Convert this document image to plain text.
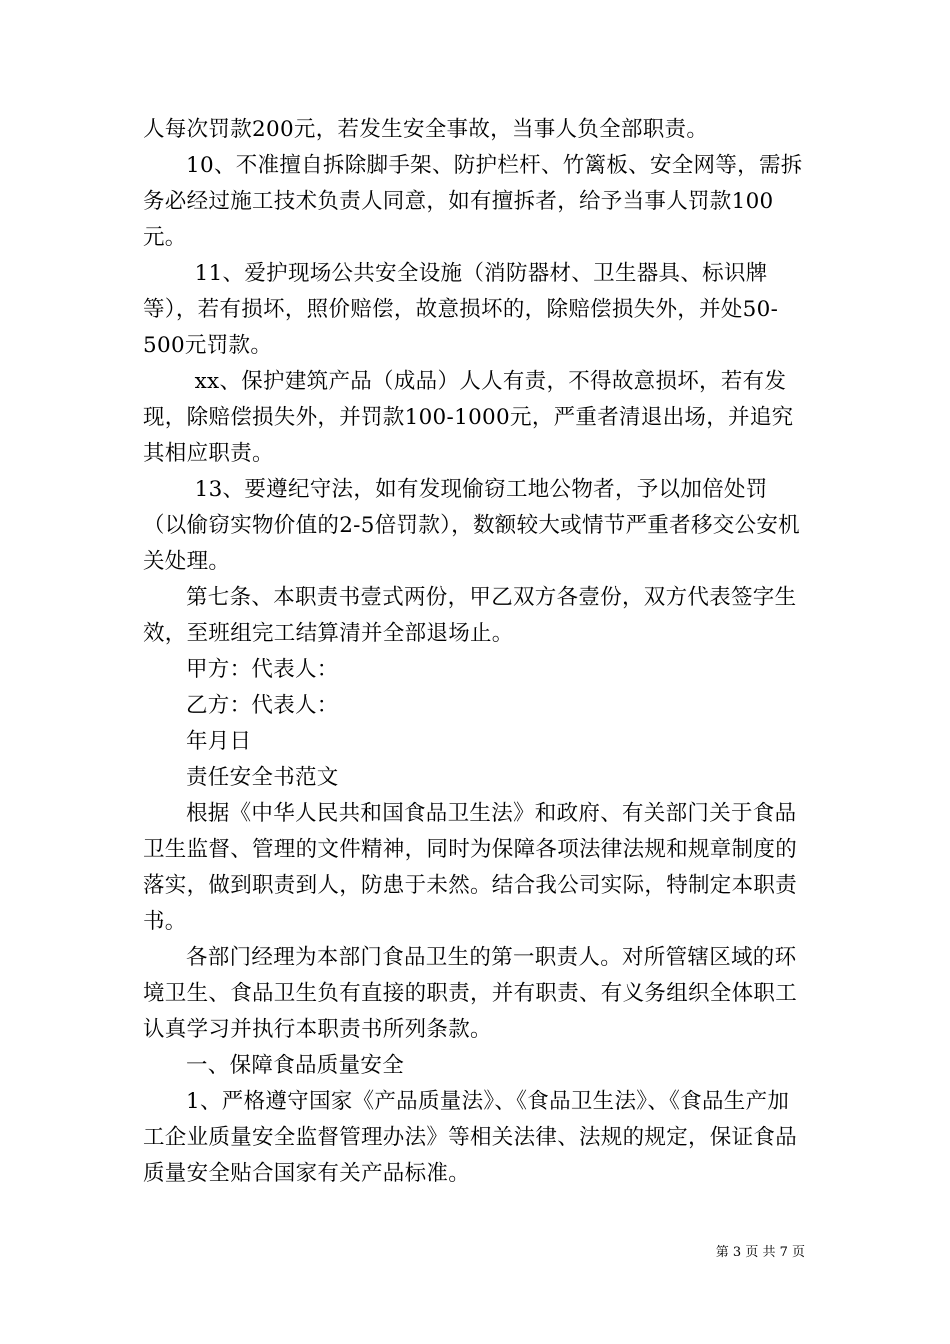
人每次罚款200元，若发生安全事故，当事人负全部职责。

10、不准擅自拆除脚手架、防护栏杆、竹篱板、安全网等，需拆务必经过施工技术负责人同意，如有擅拆者，给予当事人罚款100元。

11、爱护现场公共安全设施（消防器材、卫生器具、标识牌等），若有损坏，照价赔偿，故意损坏的，除赔偿损失外，并处50-500元罚款。

xx、保护建筑产品（成品）人人有责，不得故意损坏，若有发现，除赔偿损失外，并罚款100-1000元，严重者清退出场，并追究其相应职责。

13、要遵纪守法，如有发现偷窃工地公物者，予以加倍处罚（以偷窃实物价值的2-5倍罚款），数额较大或情节严重者移交公安机关处理。

第七条、本职责书壹式两份，甲乙双方各壹份，双方代表签字生效，至班组完工结算清并全部退场止。

甲方：代表人：

乙方：代表人：

年月日

责任安全书范文

根据《中华人民共和国食品卫生法》和政府、有关部门关于食品卫生监督、管理的文件精神，同时为保障各项法律法规和规章制度的落实，做到职责到人，防患于未然。结合我公司实际，特制定本职责书。

各部门经理为本部门食品卫生的第一职责人。对所管辖区域的环境卫生、食品卫生负有直接的职责，并有职责、有义务组织全体职工认真学习并执行本职责书所列条款。

一、保障食品质量安全

1、严格遵守国家《产品质量法》、《食品卫生法》、《食品生产加工企业质量安全监督管理办法》等相关法律、法规的规定，保证食品质量安全贴合国家有关产品标准。

第 3 页 共 7 页
